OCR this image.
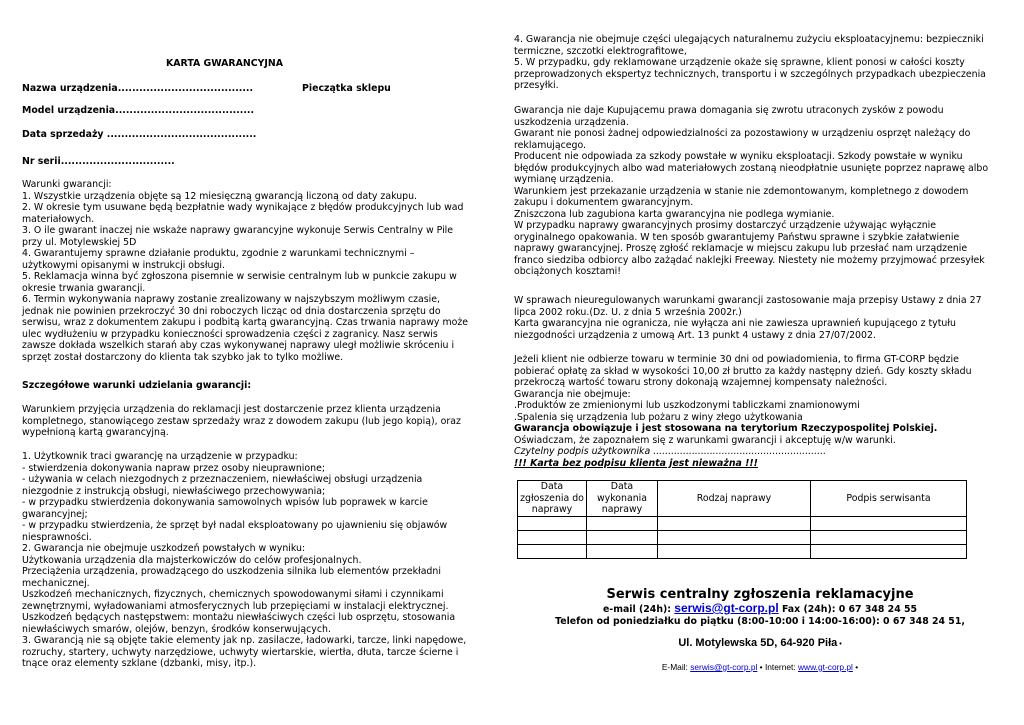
KARTA GWARANCYJNA
Nazwa urządzenia......................................	Pieczątka sklepu
Model urządzenia.......................................
Data sprzedaży ..........................................
Nr serii................................
Warunki gwarancji:
1. Wszystkie urządzenia objęte są 12 miesięczną gwarancją liczoną od daty zakupu.
2. W okresie tym usuwane będą bezpłatnie wady wynikające z błędów produkcyjnych lub wad
materiałowych.
3. O ile gwarant inaczej nie wskaże naprawy gwarancyjne wykonuje Serwis Centralny w Pile
przy ul. Motylewskiej 5D
4. Gwarantujemy sprawne działanie produktu, zgodnie z warunkami technicznymi –
użytkowymi opisanymi w instrukcji obsługi.
5. Reklamacja winna być zgłoszona pisemnie w serwisie centralnym lub w punkcie zakupu w
okresie trwania gwarancji.
6. Termin wykonywania naprawy zostanie zrealizowany w najszybszym możliwym czasie,
jednak nie powinien przekroczyć 30 dni roboczych licząc od dnia dostarczenia sprzętu do
serwisu, wraz z dokumentem zakupu i podbitą kartą gwarancyjną. Czas trwania naprawy może
ulec wydłużeniu w przypadku konieczności sprowadzenia części z zagranicy. Nasz serwis
zawsze dokłada wszelkich starań aby czas wykonywanej naprawy uległ możliwie skróceniu i
sprzęt został dostarczony do klienta tak szybko jak to tylko możliwe.
Szczegółowe warunki udzielania gwarancji:
Warunkiem przyjęcia urządzenia do reklamacji jest dostarczenie przez klienta urządzenia
kompletnego, stanowiącego zestaw sprzedaży wraz z dowodem zakupu (lub jego kopią), oraz
wypełnioną kartą gwarancyjną.
1. Użytkownik traci gwarancję na urządzenie w przypadku:
- stwierdzenia dokonywania napraw przez osoby nieuprawnione;
- używania w celach niezgodnych z przeznaczeniem, niewłaściwej obsługi urządzenia
niezgodnie z instrukcją obsługi, niewłaściwego przechowywania;
- w przypadku stwierdzenia dokonywania samowolnych wpisów lub poprawek w karcie
gwarancyjnej;
- w przypadku stwierdzenia, że sprzęt był nadal eksploatowany po ujawnieniu się objawów
niesprawności.
2. Gwarancja nie obejmuje uszkodzeń powstałych w wyniku:
Użytkowania urządzenia dla majsterkowiczów do celów profesjonalnych.
Przeciążenia urządzenia, prowadzącego do uszkodzenia silnika lub elementów przekładni
mechanicznej.
Uszkodzeń mechanicznych, fizycznych, chemicznych spowodowanymi siłami i czynnikami
zewnętrznymi, wyładowaniami atmosferycznych lub przepięciami w instalacji elektrycznej.
Uszkodzeń będących następstwem: montażu niewłaściwych części lub osprzętu, stosowania
niewłaściwych smarów, olejów, benzyn, środków konserwujących.
3. Gwarancją nie są objęte takie elementy jak np. zasilacze, ładowarki, tarcze, linki napędowe,
rozruchy, startery, uchwyty narzędziowe, uchwyty wiertarskie, wiertła, dłuta, tarcze ścierne i
tnące oraz elementy szklane (dzbanki, misy, itp.).
4. Gwarancja nie obejmuje części ulegających naturalnemu zużyciu eksploatacyjnemu: bezpieczniki
termiczne, szczotki elektrografitowe,
5. W przypadku, gdy reklamowane urządzenie okaże się sprawne, klient ponosi w całości koszty
przeprowadzonych ekspertyz technicznych, transportu i w szczególnych przypadkach ubezpieczenia
przesyłki.
Gwarancja nie daje Kupującemu prawa domagania się zwrotu utraconych zysków z powodu
uszkodzenia urządzenia.
Gwarant nie ponosi żadnej odpowiedzialności za pozostawiony w urządzeniu osprzęt należący do
reklamującego.
Producent nie odpowiada za szkody powstałe w wyniku eksploatacji. Szkody powstałe w wyniku
błędów produkcyjnych albo wad materiałowych zostaną nieodpłatnie usunięte poprzez naprawę albo
wymianę urządzenia.
Warunkiem jest przekazanie urządzenia w stanie nie zdemontowanym, kompletnego z dowodem
zakupu i dokumentem gwarancyjnym.
Zniszczona lub zagubiona karta gwarancyjna nie podlega wymianie.
W przypadku naprawy gwarancyjnych prosimy dostarczyć urządzenie używając wyłącznie
oryginalnego opakowania. W ten sposób gwarantujemy Państwu sprawne i szybkie załatwienie
naprawy gwarancyjnej. Proszę zgłość reklamacje w miejscu zakupu lub przesłać nam urządzenie
franco siedziba odbiorcy albo zażądać naklejki Freeway. Niestety nie możemy przyjmować przesyłek
obciążonych kosztami!
W sprawach nieuregulowanych warunkami gwarancji zastosowanie maja przepisy Ustawy z dnia 27
lipca 2002 roku.(Dz. U. z dnia 5 września 2002r.)
Karta gwarancyjna nie ogranicza, nie wyłącza ani nie zawiesza uprawnień kupującego z tytułu
niezgodności urządzenia z umową Art. 13 punkt 4 ustawy z dnia 27/07/2002.
Jeżeli klient nie odbierze towaru w terminie 30 dni od powiadomienia, to firma GT-CORP będzie
pobierać opłatę za skład w wysokości 10,00 zł brutto za każdy następny dzień. Gdy koszty składu
przekroczą wartość towaru strony dokonają wzajemnej kompensaty należności.
Gwarancja nie obejmuje:
.Produktów ze zmienionymi lub uszkodzonymi tabliczkami znamionowymi
.Spalenia się urządzenia lub pożaru z winy złego użytkowania
Gwarancja obowiązuje i jest stosowana na terytorium Rzeczypospolitej Polskiej.
Oświadczam, że zapoznałem się z warunkami gwarancji i akceptuję w/w warunki.
Czytelny podpis użytkownika ..........................................................
!!! Karta bez podpisu klienta jest nieważna !!!
Data zgłoszenia do naprawy	Data wykonania naprawy	Rodzaj naprawy	Podpis serwisanta

Serwis centralny zgłoszenia reklamacyjne
e-mail (24h): serwis@gt-corp.pl Fax (24h): 0 67 348 24 55
Telefon od poniedziałku do piątku (8:00-10:00 i 14:00-16:00): 0 67 348 24 51,
Ul. Motylewska 5D, 64-920 Piła •
E-Mail: serwis@gt-corp.pl • Internet: www.gt-corp.pl •
